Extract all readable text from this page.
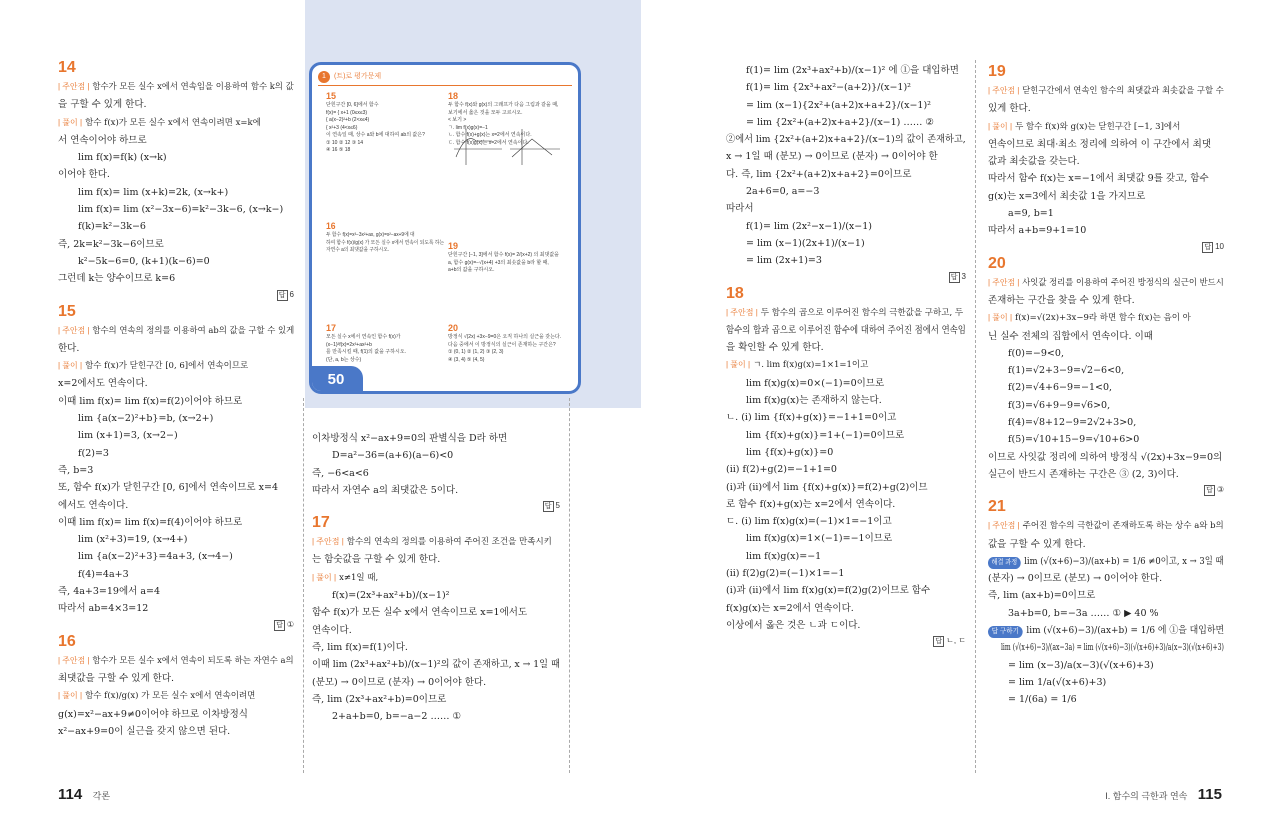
14
| 주안점 | 함수가 모든 실수 x에서 연속임을 이용하여 함수 k의 값
을 구할 수 있게 한다.
| 풀이 | 함수 f(x)가 모든 실수 x에서 연속이려면 x=k에
서 연속이어야 하므로
lim f(x)=f(k) (x→k)
이어야 한다.
lim f(x)= lim (x+k)=2k, (x→k+)
lim f(x)= lim (x²−3x−6)=k²−3k−6, (x→k−)
f(k)=k²−3k−6
즉, 2k=k²−3k−6이므로
k²−5k−6=0, (k+1)(k−6)=0
그런데 k는 양수이므로 k=6
답 6
15
| 주안점 | 함수의 연속의 정의를 이용하여 ab의 값을 구할 수 있게
한다.
| 풀이 | 함수 f(x)가 닫힌구간 [0, 6]에서 연속이므로
x=2에서도 연속이다.
이때 lim f(x)= lim f(x)=f(2)이어야 하므로
lim {a(x−2)²+b}=b, (x→2+)
lim (x+1)=3, (x→2−)
f(2)=3
즉, b=3
또, 함수 f(x)가 닫힌구간 [0, 6]에서 연속이므로 x=4
에서도 연속이다.
이때 lim f(x)= lim f(x)=f(4)이어야 하므로
lim (x²+3)=19, (x→4+)
lim {a(x−2)²+3}=4a+3, (x→4−)
f(4)=4a+3
즉, 4a+3=19에서 a=4
따라서 ab=4×3=12
답 ①
16
| 주안점 | 함수가 모든 실수 x에서 연속이 되도록 하는 자연수 a의
최댓값을 구할 수 있게 한다.
| 풀이 | 함수 f(x)/g(x) 가 모든 실수 x에서 연속이려면
g(x)=x²−ax+9≠0이어야 하므로 이차방정식
x²−ax+9=0이 실근을 갖지 않으면 된다.
이차방정식 x²−ax+9=0의 판별식을 D라 하면
D=a²−36=(a+6)(a−6)<0
즉, −6<a<6
따라서 자연수 a의 최댓값은 5이다.
답 5
17
| 주안점 | 함수의 연속의 정의를 이용하여 주어진 조건을 만족시키
는 함숫값을 구할 수 있게 한다.
| 풀이 | x≠1일 때,
f(x)=(2x³+ax²+b)/(x−1)²
함수 f(x)가 모든 실수 x에서 연속이므로 x=1에서도
연속이다.
즉, lim f(x)=f(1)이다.
이때 lim (2x³+ax²+b)/(x−1)²의 값이 존재하고, x → 1일 때
(분모) → 0이므로 (분자) → 0이어야 한다.
즉, lim (2x³+ax²+b)=0이므로
2+a+b=0, b=−a−2 …… ①
1 (트)로 평가문제
15
닫힌구간 [0, 6]에서 함수
f(x)= { x+1 (0≤x≤3)
{ a(x−2)²+b (2<x≤4)
{ x²+3 (4<x≤6)
이 연속일 때, 상수 a와 b에 대하여 ab의 값은?
① 10 ② 12 ③ 14
④ 16 ⑤ 18
18
두 함수 f(x)와 g(x)의 그래프가 다음 그림과 같을 때,
보기에서 옳은 것을 모두 고르시오.
< 보기 >
ㄱ. lim f(x)g(x)=−1
ㄴ. 함수 f(x)+g(x)는 x=2에서 연속이다.
ㄷ. 함수 f(x)g(x)는 x=2에서 연속이다.
16
두 함수 f(x)=x³−3x²+ax, g(x)=x²−ax+9에 대
하여 함수 f(x)/g(x) 가 모든 실수 x에서 연속이 되도록 하는
자연수 a의 최댓값을 구하시오.	19
닫힌구간 [−1, 3]에서 함수 f(x)= 2/(x+2) 의 최댓값을
a, 함수 g(x)=−√(x+4) +3의 최솟값을 b라 할 때,
a+b의 값을 구하시오.
17
모든 실수 x에서 연속인 함수 f(x)가
(x−1)²f(x)=2x³+ax²+b
를 만족시킬 때, f(1)의 값을 구하시오.
(단, a, b는 상수)
20
방정식 √(2x) +3x−9=0은 오직 하나의 실근을 갖는다.
다음 중에서 이 방정식의 실근이 존재하는 구간은?
① (0, 1) ② (1, 2) ③ (2, 3)
④ (3, 4) ⑤ (4, 5)
50
114 각론
f(1)= lim (2x³+ax²+b)/(x−1)² 에 ①을 대입하면
f(1)= lim {2x³+ax²−(a+2)}/(x−1)²
= lim (x−1){2x²+(a+2)x+a+2}/(x−1)²
= lim {2x²+(a+2)x+a+2}/(x−1) …… ②
②에서 lim {2x²+(a+2)x+a+2}/(x−1)의 값이 존재하고,
x → 1일 때 (분모) → 0이므로 (분자) → 0이어야 한
다. 즉, lim {2x²+(a+2)x+a+2}=0이므로
2a+6=0, a=−3
따라서
f(1)= lim (2x²−x−1)/(x−1)
= lim (x−1)(2x+1)/(x−1)
= lim (2x+1)=3
답 3
18
| 주안점 | 두 함수의 곱으로 이루어진 함수의 극한값을 구하고, 두
함수의 합과 곱으로 이루어진 함수에 대하여 주어진 점에서 연속임
을 확인할 수 있게 한다.
| 풀이 | ㄱ. lim f(x)g(x)=1×1=1이고
lim f(x)g(x)=0×(−1)=0이므로
lim f(x)g(x)는 존재하지 않는다.
ㄴ. (i) lim {f(x)+g(x)}=−1+1=0이고
lim {f(x)+g(x)}=1+(−1)=0이므로
lim {f(x)+g(x)}=0
(ii) f(2)+g(2)=−1+1=0
(i)과 (ii)에서 lim {f(x)+g(x)}=f(2)+g(2)이므
로 함수 f(x)+g(x)는 x=2에서 연속이다.
ㄷ. (i) lim f(x)g(x)=(−1)×1=−1이고
lim f(x)g(x)=1×(−1)=−1이므로
lim f(x)g(x)=−1
(ii) f(2)g(2)=(−1)×1=−1
(i)과 (ii)에서 lim f(x)g(x)=f(2)g(2)이므로 함수
f(x)g(x)는 x=2에서 연속이다.
이상에서 옳은 것은 ㄴ과 ㄷ이다.
답 ㄴ, ㄷ
19
| 주안점 | 닫힌구간에서 연속인 함수의 최댓값과 최솟값을 구할 수
있게 한다.
| 풀이 | 두 함수 f(x)와 g(x)는 닫힌구간 [−1, 3]에서
연속이므로 최대·최소 정리에 의하여 이 구간에서 최댓
값과 최솟값을 갖는다.
따라서 함수 f(x)는 x=−1에서 최댓값 9를 갖고, 함수
g(x)는 x=3에서 최솟값 1을 가지므로
a=9, b=1
따라서 a+b=9+1=10
답 10
20
| 주안점 | 사잇값 정리를 이용하여 주어진 방정식의 실근이 반드시
존재하는 구간을 찾을 수 있게 한다.
| 풀이 | f(x)=√(2x)+3x−9라 하면 함수 f(x)는 음이 아
닌 실수 전체의 집합에서 연속이다. 이때
f(0)=−9<0,
f(1)=√2+3−9=√2−6<0,
f(2)=√4+6−9=−1<0,
f(3)=√6+9−9=√6>0,
f(4)=√8+12−9=2√2+3>0,
f(5)=√10+15−9=√10+6>0
이므로 사잇값 정리에 의하여 방정식 √(2x)+3x−9=0의
실근이 반드시 존재하는 구간은 ③ (2, 3)이다.
답 ③
21
| 주안점 | 주어진 함수의 극한값이 존재하도록 하는 상수 a와 b의
값을 구할 수 있게 한다.
해결 과정 lim (√(x+6)−3)/(ax+b) = 1/6 ≠0이고, x → 3일 때
(분자) → 0이므로 (분모) → 0이어야 한다.
즉, lim (ax+b)=0이므로
3a+b=0, b=−3a …… ① ▶ 40 %
답 구하기 lim (√(x+6)−3)/(ax+b) = 1/6 에 ①을 대입하면
lim (√(x+6)−3)/(ax−3a) = lim (√(x+6)−3)(√(x+6)+3)/a(x−3)(√(x+6)+3)
= lim (x−3)/a(x−3)(√(x+6)+3)
= lim 1/a(√(x+6)+3)
= 1/(6a) = 1/6
I. 함수의 극한과 연속 115
